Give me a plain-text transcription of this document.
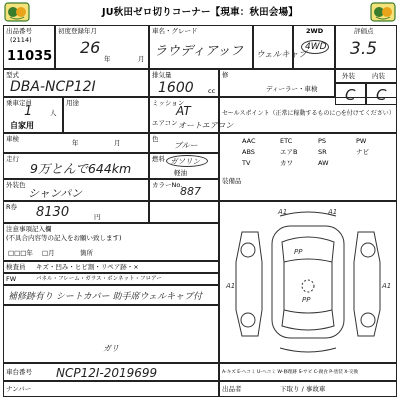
JU秋田ゼロ切りコーナー【現車：秋田会場】
出品番号
(2114)
11035
初度登録年月
26
年	月
車名・グレード
ラウディアッフ ウェルキャブ
2WD
4WD
評価点
3.5
型式
DBA-NCP12I
排気量
1600 cc
修
ディーラー・車検
外装	内装
C C
乗車定員
1	人
自家用
用途	ミッション
AT
エアコン オートエアコン
セールスポイント（正常に稼動するものに○を付けてください）
車検	年	月	色
ブルー
走行
9万とんで644km
燃料 ガソリン
軽油
外装色
シャンパン
カラーNo.
887
装備品
AAC	ETC	PS	PW
ABS	エアB	SR	ナビ
TV	カワ	AW
R券 8130	円
注意事項記入欄
(不具合内容等の記入をお願い致します)
□□□年 □月	箇所
検査員 キズ・凹み・ヒビ割・リペア跡・×
FW	パネル・フレーム・ガラス・ボンネット・フロアー
補修跡有り シートカバー 助手席ウェルキャブ付
A1	A1
A1	A1
PP
PP
ガリ
車台番号 NCP12I-2019699	A-キズ E-ヘコミ U-ヘコミ W-修理跡 S-サビ C-腐食 P-塗装 X-交換
ナンバー	出品者	下取り / 事故車
